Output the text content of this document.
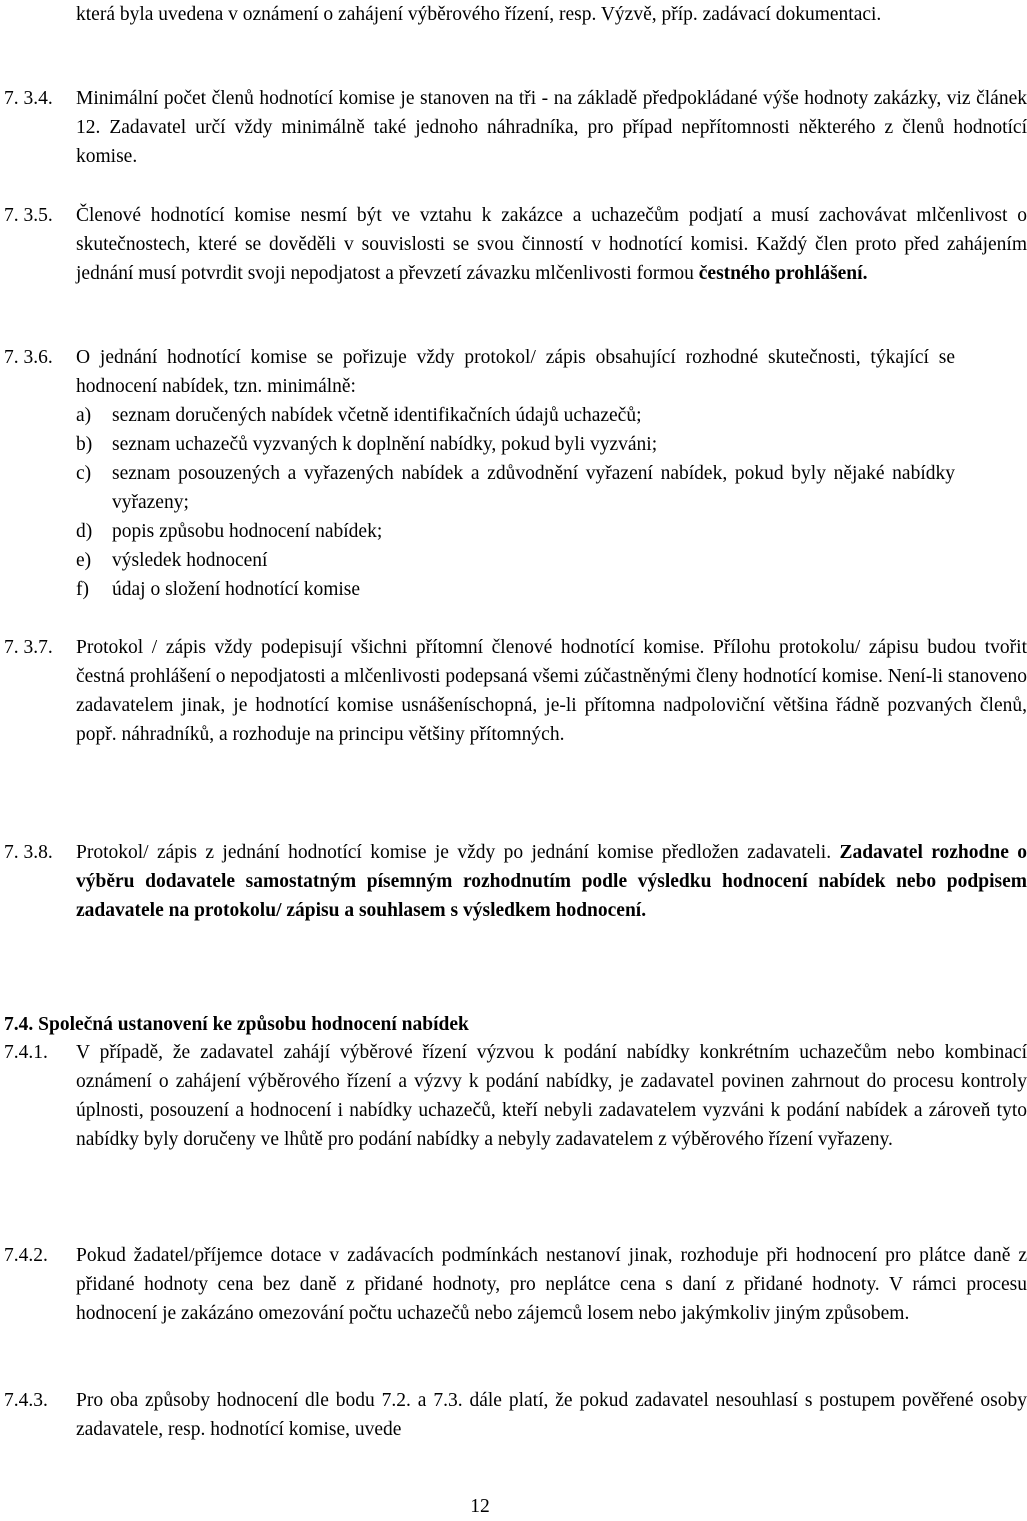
která byla uvedena v oznámení o zahájení výběrového řízení, resp. Výzvě, příp. zadávací dokumentaci.

7. 3.4. Minimální počet členů hodnotící komise je stanoven na tři - na základě předpokládané výše hodnoty zakázky, viz článek 12. Zadavatel určí vždy minimálně také jednoho náhradníka, pro případ nepřítomnosti některého z členů hodnotící komise.

7. 3.5. Členové hodnotící komise nesmí být ve vztahu k zakázce a uchazečům podjatí a musí zachovávat mlčenlivost o skutečnostech, které se dověděli v souvislosti se svou činností v hodnotící komisi. Každý člen proto před zahájením jednání musí potvrdit svoji nepodjatost a převzetí závazku mlčenlivosti formou čestného prohlášení.

7. 3.6. O jednání hodnotící komise se pořizuje vždy protokol/ zápis obsahující rozhodné skutečnosti, týkající se hodnocení nabídek, tzn. minimálně:

a) seznam doručených nabídek včetně identifikačních údajů uchazečů;

b) seznam uchazečů vyzvaných k doplnění nabídky, pokud byli vyzváni;

c) seznam posouzených a vyřazených nabídek a zdůvodnění vyřazení nabídek, pokud byly nějaké nabídky vyřazeny;

d) popis způsobu hodnocení nabídek;

e) výsledek hodnocení

f) údaj o složení hodnotící komise

7. 3.7. Protokol / zápis vždy podepisují všichni přítomní členové hodnotící komise. Přílohu protokolu/ zápisu budou tvořit čestná prohlášení o nepodjatosti a mlčenlivosti podepsaná všemi zúčastněnými členy hodnotící komise. Není-li stanoveno zadavatelem jinak, je hodnotící komise usnášeníschopná, je-li přítomna nadpoloviční většina řádně pozvaných členů, popř. náhradníků, a rozhoduje na principu většiny přítomných.

7. 3.8. Protokol/ zápis z jednání hodnotící komise je vždy po jednání komise předložen zadavateli. Zadavatel rozhodne o výběru dodavatele samostatným písemným rozhodnutím podle výsledku hodnocení nabídek nebo podpisem zadavatele na protokolu/ zápisu a souhlasem s výsledkem hodnocení.

7.4. Společná ustanovení ke způsobu hodnocení nabídek

7.4.1. V případě, že zadavatel zahájí výběrové řízení výzvou k podání nabídky konkrétním uchazečům nebo kombinací oznámení o zahájení výběrového řízení a výzvy k podání nabídky, je zadavatel povinen zahrnout do procesu kontroly úplnosti, posouzení a hodnocení i nabídky uchazečů, kteří nebyli zadavatelem vyzváni k podání nabídek a zároveň tyto nabídky byly doručeny ve lhůtě pro podání nabídky a nebyly zadavatelem z výběrového řízení vyřazeny.

7.4.2. Pokud žadatel/příjemce dotace v zadávacích podmínkách nestanoví jinak, rozhoduje při hodnocení pro plátce daně z přidané hodnoty cena bez daně z přidané hodnoty, pro neplátce cena s daní z přidané hodnoty. V rámci procesu hodnocení je zakázáno omezování počtu uchazečů nebo zájemců losem nebo jakýmkoliv jiným způsobem.

7.4.3. Pro oba způsoby hodnocení dle bodu 7.2. a 7.3. dále platí, že pokud zadavatel nesouhlasí s postupem pověřené osoby zadavatele, resp. hodnotící komise, uvede

12
